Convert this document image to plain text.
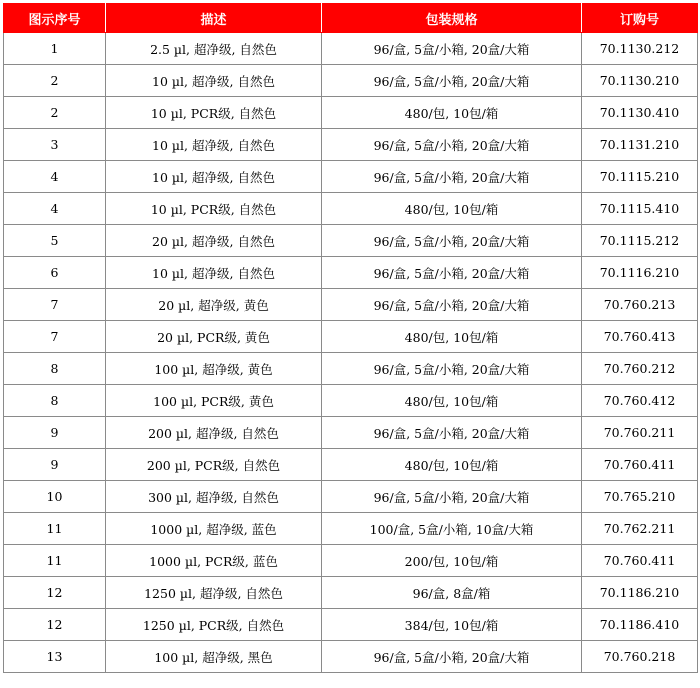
图示序号	描述	包装规格	订购号
1	2.5 µl, 超净级, 自然色	96/盒, 5盒/小箱, 20盒/大箱	70.1130.212
2	10 µl, 超净级, 自然色	96/盒, 5盒/小箱, 20盒/大箱	70.1130.210
2	10 µl, PCR级, 自然色	480/包, 10包/箱	70.1130.410
3	10 µl, 超净级, 自然色	96/盒, 5盒/小箱, 20盒/大箱	70.1131.210
4	10 µl, 超净级, 自然色	96/盒, 5盒/小箱, 20盒/大箱	70.1115.210
4	10 µl, PCR级, 自然色	480/包, 10包/箱	70.1115.410
5	20 µl, 超净级, 自然色	96/盒, 5盒/小箱, 20盒/大箱	70.1115.212
6	10 µl, 超净级, 自然色	96/盒, 5盒/小箱, 20盒/大箱	70.1116.210
7	20 µl, 超净级, 黄色	96/盒, 5盒/小箱, 20盒/大箱	70.760.213
7	20 µl, PCR级, 黄色	480/包, 10包/箱	70.760.413
8	100 µl, 超净级, 黄色	96/盒, 5盒/小箱, 20盒/大箱	70.760.212
8	100 µl, PCR级, 黄色	480/包, 10包/箱	70.760.412
9	200 µl, 超净级, 自然色	96/盒, 5盒/小箱, 20盒/大箱	70.760.211
9	200 µl, PCR级, 自然色	480/包, 10包/箱	70.760.411
10	300 µl, 超净级, 自然色	96/盒, 5盒/小箱, 20盒/大箱	70.765.210
11	1000 µl, 超净级, 蓝色	100/盒, 5盒/小箱, 10盒/大箱	70.762.211
11	1000 µl, PCR级, 蓝色	200/包, 10包/箱	70.760.411
12	1250 µl, 超净级, 自然色	96/盒, 8盒/箱	70.1186.210
12	1250 µl, PCR级, 自然色	384/包, 10包/箱	70.1186.410
13	100 µl, 超净级, 黑色	96/盒, 5盒/小箱, 20盒/大箱	70.760.218
